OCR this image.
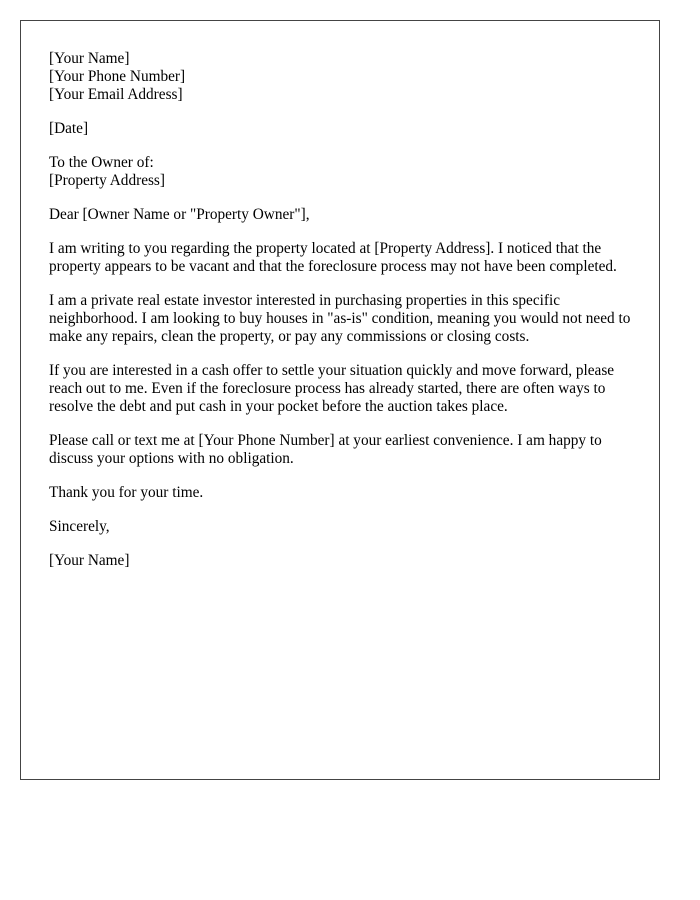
[Your Name]
[Your Phone Number]
[Your Email Address]
[Date]
To the Owner of:
[Property Address]
Dear [Owner Name or "Property Owner"],
I am writing to you regarding the property located at [Property Address]. I noticed that the property appears to be vacant and that the foreclosure process may not have been completed.
I am a private real estate investor interested in purchasing properties in this specific neighborhood. I am looking to buy houses in "as-is" condition, meaning you would not need to make any repairs, clean the property, or pay any commissions or closing costs.
If you are interested in a cash offer to settle your situation quickly and move forward, please reach out to me. Even if the foreclosure process has already started, there are often ways to resolve the debt and put cash in your pocket before the auction takes place.
Please call or text me at [Your Phone Number] at your earliest convenience. I am happy to discuss your options with no obligation.
Thank you for your time.
Sincerely,
[Your Name]
